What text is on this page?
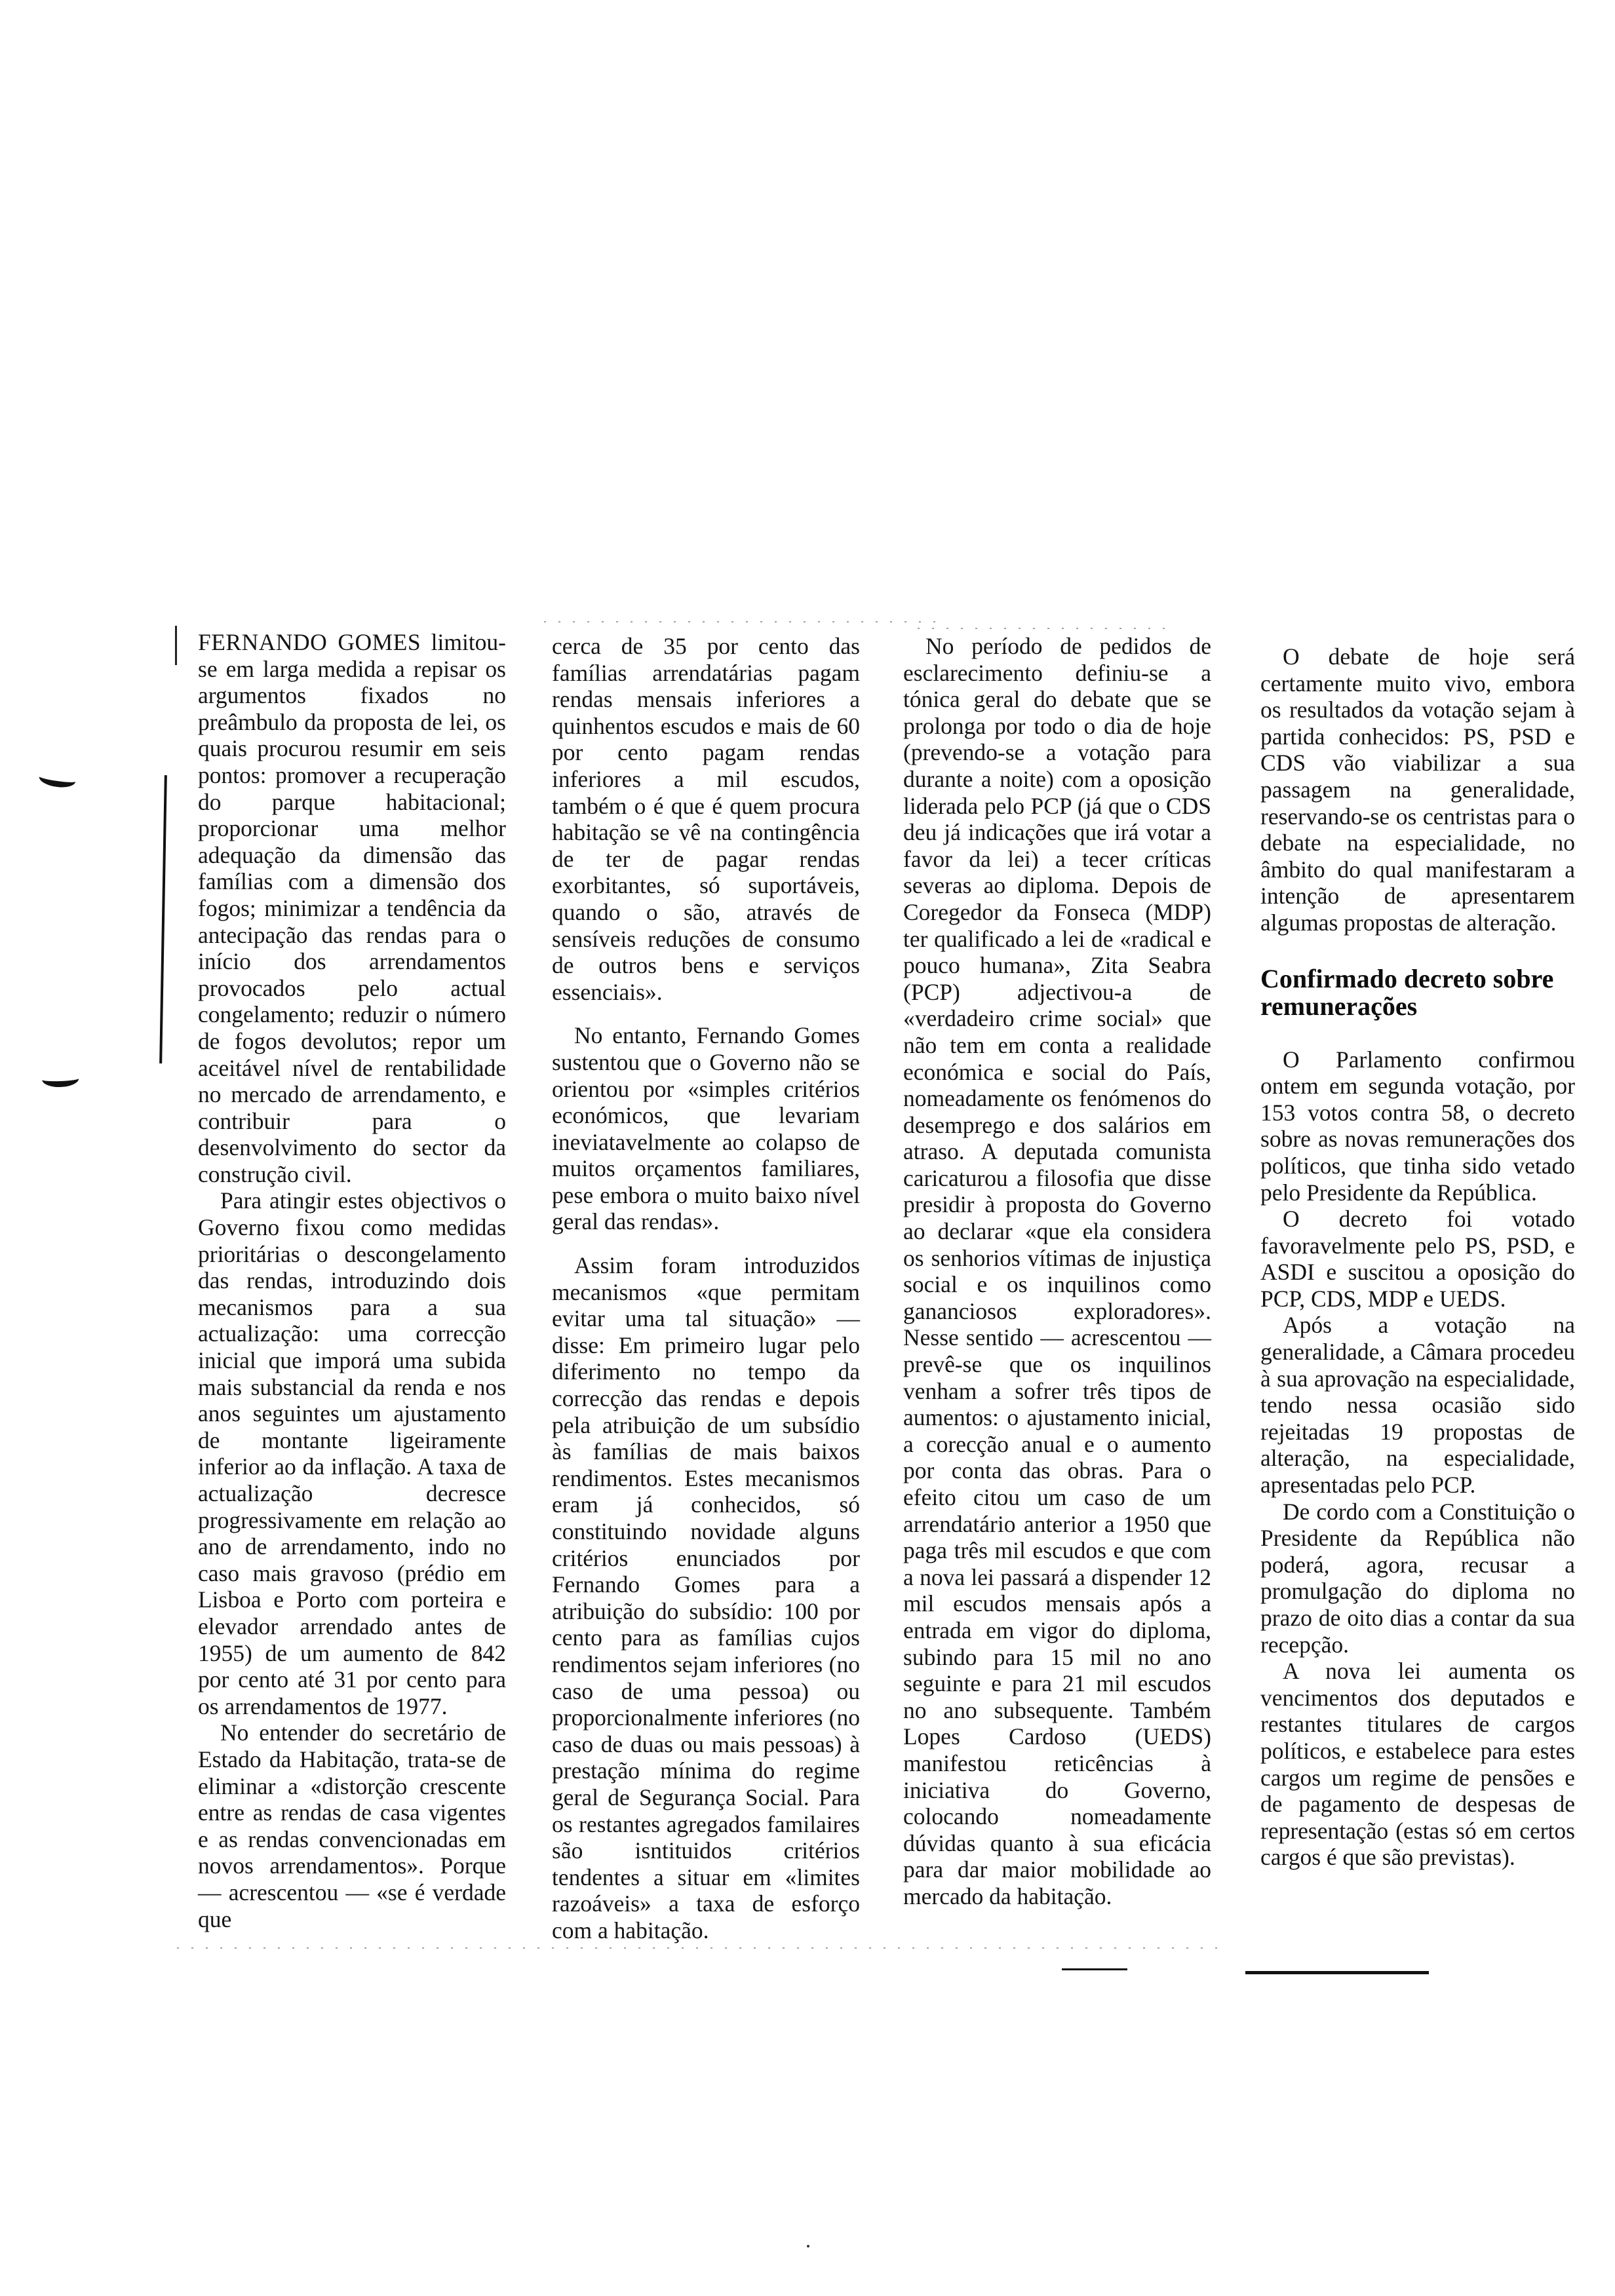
FERNANDO GOMES limitou-se em larga medida a repisar os argumentos fixados no preâmbulo da proposta de lei, os quais procurou resumir em seis pontos: promover a recuperação do parque habitacional; proporcionar uma melhor adequação da dimensão das famílias com a dimensão dos fogos; minimizar a tendência da antecipação das rendas para o início dos arrendamentos provocados pelo actual congelamento; reduzir o número de fogos devolutos; repor um aceitável nível de rentabilidade no mercado de arrendamento, e contribuir para o desenvolvimento do sector da construção civil.

Para atingir estes objectivos o Governo fixou como medidas prioritárias o descongelamento das rendas, introduzindo dois mecanismos para a sua actualização: uma correcção inicial que imporá uma subida mais substancial da renda e nos anos seguintes um ajustamento de montante ligeiramente inferior ao da inflação. A taxa de actualização decresce progressivamente em relação ao ano de arrendamento, indo no caso mais gravoso (prédio em Lisboa e Porto com porteira e elevador arrendado antes de 1955) de um aumento de 842 por cento até 31 por cento para os arrendamentos de 1977.

No entender do secretário de Estado da Habitação, trata-se de eliminar a «distorção crescente entre as rendas de casa vigentes e as rendas convencionadas em novos arrendamentos». Porque — acrescentou — «se é verdade que

cerca de 35 por cento das famílias arrendatárias pagam rendas mensais inferiores a quinhentos escudos e mais de 60 por cento pagam rendas inferiores a mil escudos, também o é que é quem procura habitação se vê na contingência de ter de pagar rendas exorbitantes, só suportáveis, quando o são, através de sensíveis reduções de consumo de outros bens e serviços essenciais».

No entanto, Fernando Gomes sustentou que o Governo não se orientou por «simples critérios económicos, que levariam ineviatavelmente ao colapso de muitos orçamentos familiares, pese embora o muito baixo nível geral das rendas».

Assim foram introduzidos mecanismos «que permitam evitar uma tal situação» — disse: Em primeiro lugar pelo diferimento no tempo da correcção das rendas e depois pela atribuição de um subsídio às famílias de mais baixos rendimentos. Estes mecanismos eram já conhecidos, só constituindo novidade alguns critérios enunciados por Fernando Gomes para a atribuição do subsídio: 100 por cento para as famílias cujos rendimentos sejam inferiores (no caso de uma pessoa) ou proporcionalmente inferiores (no caso de duas ou mais pessoas) à prestação mínima do regime geral de Segurança Social. Para os restantes agregados familaires são isntituidos critérios tendentes a situar em «limites razoáveis» a taxa de esforço com a habitação.

No período de pedidos de esclarecimento definiu-se a tónica geral do debate que se prolonga por todo o dia de hoje (prevendo-se a votação para durante a noite) com a oposição liderada pelo PCP (já que o CDS deu já indicações que irá votar a favor da lei) a tecer críticas severas ao diploma. Depois de Coregedor da Fonseca (MDP) ter qualificado a lei de «radical e pouco humana», Zita Seabra (PCP) adjectivou-a de «verdadeiro crime social» que não tem em conta a realidade económica e social do País, nomeadamente os fenómenos do desemprego e dos salários em atraso. A deputada comunista caricaturou a filosofia que disse presidir à proposta do Governo ao declarar «que ela considera os senhorios vítimas de injustiça social e os inquilinos como gananciosos exploradores». Nesse sentido — acrescentou — prevê-se que os inquilinos venham a sofrer três tipos de aumentos: o ajustamento inicial, a corecção anual e o aumento por conta das obras. Para o efeito citou um caso de um arrendatário anterior a 1950 que paga três mil escudos e que com a nova lei passará a dispender 12 mil escudos mensais após a entrada em vigor do diploma, subindo para 15 mil no ano seguinte e para 21 mil escudos no ano subsequente. Também Lopes Cardoso (UEDS) manifestou reticências à iniciativa do Governo, colocando nomeadamente dúvidas quanto à sua eficácia para dar maior mobilidade ao mercado da habitação.

O debate de hoje será certamente muito vivo, embora os resultados da votação sejam à partida conhecidos: PS, PSD e CDS vão viabilizar a sua passagem na generalidade, reservando-se os centristas para o debate na especialidade, no âmbito do qual manifestaram a intenção de apresentarem algumas propostas de alteração.

Confirmado decreto sobre remunerações

O Parlamento confirmou ontem em segunda votação, por 153 votos contra 58, o decreto sobre as novas remunerações dos políticos, que tinha sido vetado pelo Presidente da República.

O decreto foi votado favoravelmente pelo PS, PSD, e ASDI e suscitou a oposição do PCP, CDS, MDP e UEDS.

Após a votação na generalidade, a Câmara procedeu à sua aprovação na especialidade, tendo nessa ocasião sido rejeitadas 19 propostas de alteração, na especialidade, apresentadas pelo PCP.

De cordo com a Constituição o Presidente da República não poderá, agora, recusar a promulgação do diploma no prazo de oito dias a contar da sua recepção.

A nova lei aumenta os vencimentos dos deputados e restantes titulares de cargos políticos, e estabelece para estes cargos um regime de pensões e de pagamento de despesas de representação (estas só em certos cargos é que são previstas).
